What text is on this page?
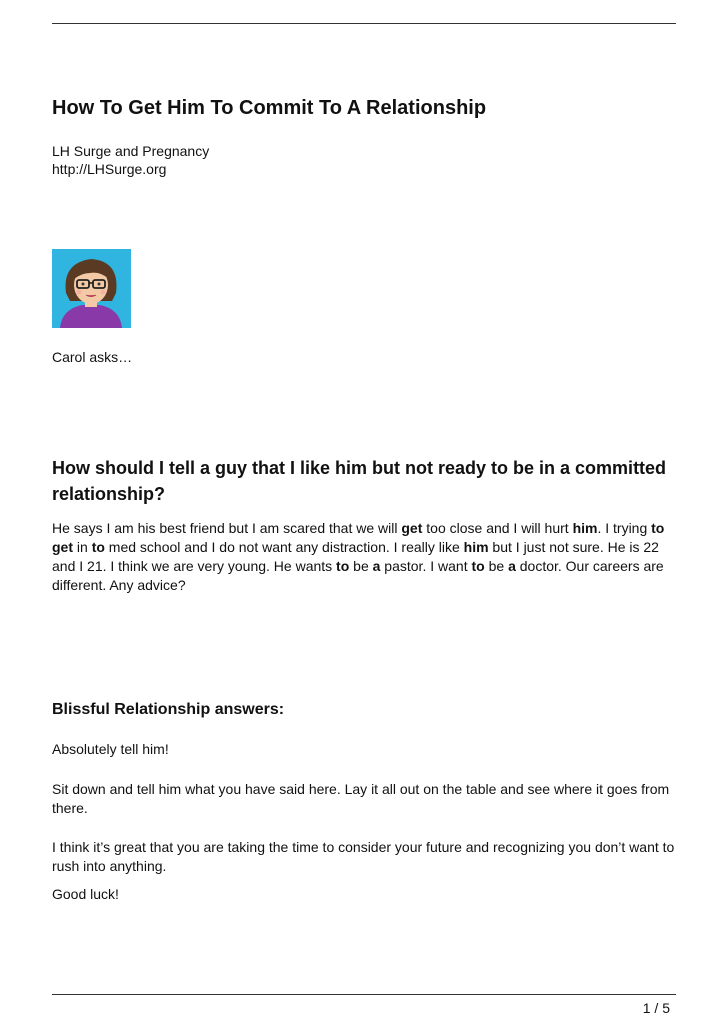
How To Get Him To Commit To A Relationship
LH Surge and Pregnancy
http://LHSurge.org
Carol asks…
How should I tell a guy that I like him but not ready to be in a committed relationship?

He says I am his best friend but I am scared that we will get too close and I will hurt him. I trying to get in to med school and I do not want any distraction. I really like him but I just not sure. He is 22 and I 21. I think we are very young. He wants to be a pastor. I want to be a doctor. Our careers are different. Any advice?

Blissful Relationship answers:

Absolutely tell him!

Sit down and tell him what you have said here. Lay it all out on the table and see where it goes from there.

I think it’s great that you are taking the time to consider your future and recognizing you don’t want to rush into anything.

Good luck!

1 / 5
